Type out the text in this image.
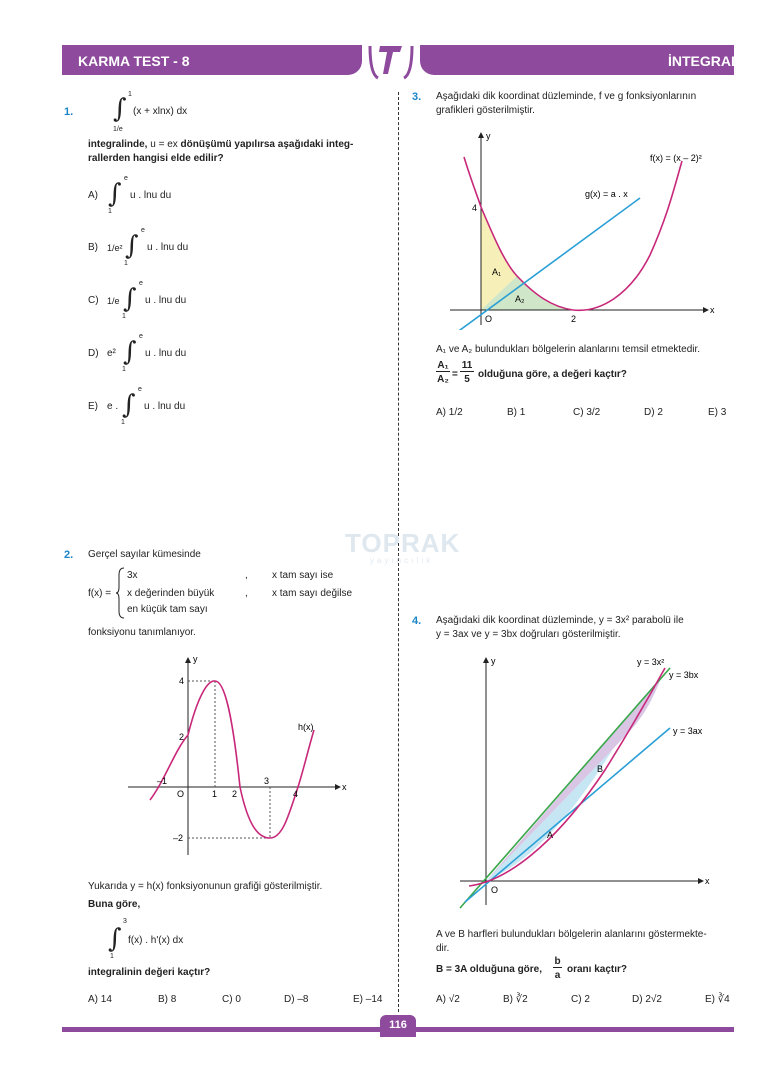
KARMA TEST - 8	İNTEGRAL
TOPRAK
yayıncılık
1. ∫ 1
1/e
(x + xlnx) dx
integralinde, u = ex dönüşümü yapılırsa aşağıdaki integ-
rallerden hangisi elde edilir?
A) ∫
e
1
u . lnu du
B) 1/e² ∫
e
1
u . lnu du
C) 1/e ∫
e
1
u . lnu du
D) e² ∫
e
1
u . lnu du
E) e . ∫
e
1
u . lnu du
2. Gerçel sayılar kümesinde
f(x) =
3x	, x tam sayı ise
x değerinden büyük	, x tam sayı değilse
en küçük tam sayı
fonksiyonu tanımlanıyor.
h(x)
x
y
O
–1
1 2
3
4
4
2
–2
Yukarıda y = h(x) fonksiyonunun grafiği gösterilmiştir.
Buna göre,
∫
3
1
f(x) . h'(x) dx
integralinin değeri kaçtır?
A) 14	B) 8	C) 0	D) –8	E) –14
3. Aşağıdaki dik koordinat düzleminde, f ve g fonksiyonlarının
grafikleri gösterilmiştir.
f(x) = (x – 2)²
g(x) = a . x
A₁
A₂
x
y
O
4
2
A₁ ve A₂ bulundukları bölgelerin alanlarını temsil etmektedir.
A₁
A₂ =
11
5 olduğuna göre, a değeri kaçtır?
A) 1/2	B) 1	C) 3/2	D) 2	E) 3
4. Aşağıdaki dik koordinat düzleminde, y = 3x² parabolü ile
y = 3ax ve y = 3bx doğruları gösterilmiştir.
y = 3x²
y = 3bx
y = 3ax
B
A
x
y
O
A ve B harfleri bulundukları bölgelerin alanlarını göstermekte-
dir.
B = 3A olduğuna göre,
b
a
oranı kaçtır?
A) √2	B) ∛2	C) 2	D) 2√2	E) ∛4
116
